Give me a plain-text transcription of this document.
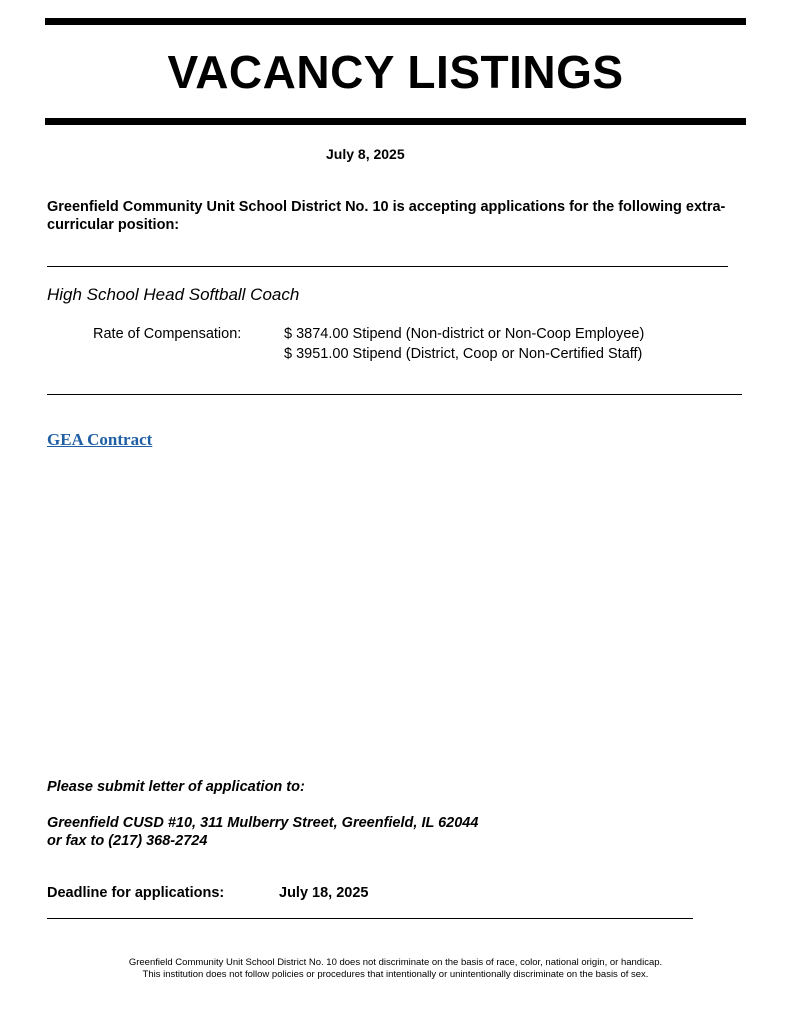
VACANCY LISTINGS
July 8, 2025
Greenfield Community Unit School District No. 10 is accepting applications for the following extra-curricular position:
High School Head Softball Coach
Rate of Compensation:	$ 3874.00 Stipend (Non-district or Non-Coop Employee)
$ 3951.00 Stipend (District, Coop or Non-Certified Staff)
GEA Contract
Please submit letter of application to:
Greenfield CUSD #10, 311 Mulberry Street, Greenfield, IL 62044
or fax to (217) 368-2724
Deadline for applications:	July 18, 2025
Greenfield Community Unit School District No. 10 does not discriminate on the basis of race, color, national origin, or handicap.
This institution does not follow policies or procedures that intentionally or unintentionally discriminate on the basis of sex.
